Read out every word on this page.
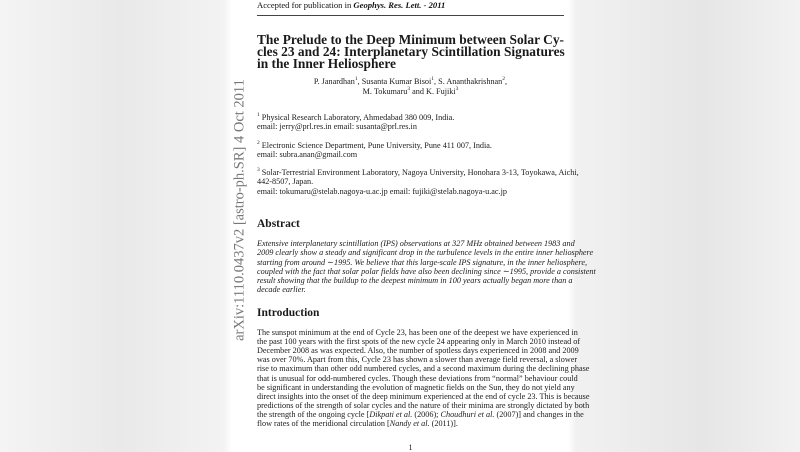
arXiv:1110.0437v2 [astro-ph.SR] 4 Oct 2011
Accepted for publication in Geophys. Res. Lett. - 2011
The Prelude to the Deep Minimum between Solar Cy-
cles 23 and 24: Interplanetary Scintillation Signatures
in the Inner Heliosphere
P. Janardhan$^1$, Susanta Kumar Bisoi$^1$, S. Ananthakrishnan$^2$,
M. Tokumaru$^3$ and K. Fujiki$^3$
$^1$ Physical Research Laboratory, Ahmedabad 380 009, India.
email: jerry@prl.res.in email: susanta@prl.res.in
$^2$ Electronic Science Department, Pune University, Pune 411 007, India.
email: subra.anan@gmail.com
$^3$ Solar-Terrestrial Environment Laboratory, Nagoya University, Honohara 3-13, Toyokawa, Aichi,
442-8507, Japan.
email: tokumaru@stelab.nagoya-u.ac.jp email: fujiki@stelab.nagoya-u.ac.jp
Abstract
Extensive interplanetary scintillation (IPS) observations at 327 MHz obtained between 1983 and
2009 clearly show a steady and significant drop in the turbulence levels in the entire inner heliosphere
starting from around ∼1995. We believe that this large-scale IPS signature, in the inner heliosphere,
coupled with the fact that solar polar fields have also been declining since ∼1995, provide a consistent
result showing that the buildup to the deepest minimum in 100 years actually began more than a
decade earlier.
Introduction
The sunspot minimum at the end of Cycle 23, has been one of the deepest we have experienced in
the past 100 years with the first spots of the new cycle 24 appearing only in March 2010 instead of
December 2008 as was expected. Also, the number of spotless days experienced in 2008 and 2009
was over 70%. Apart from this, Cycle 23 has shown a slower than average field reversal, a slower
rise to maximum than other odd numbered cycles, and a second maximum during the declining phase
that is unusual for odd-numbered cycles. Though these deviations from “normal” behaviour could
be significant in understanding the evolution of magnetic fields on the Sun, they do not yield any
direct insights into the onset of the deep minimum experienced at the end of cycle 23. This is because
predictions of the strength of solar cycles and the nature of their minima are strongly dictated by both
the strength of the ongoing cycle [Dikpati et al. (2006); Choudhuri et al. (2007)] and changes in the
flow rates of the meridional circulation [Nandy et al. (2011)].
1
